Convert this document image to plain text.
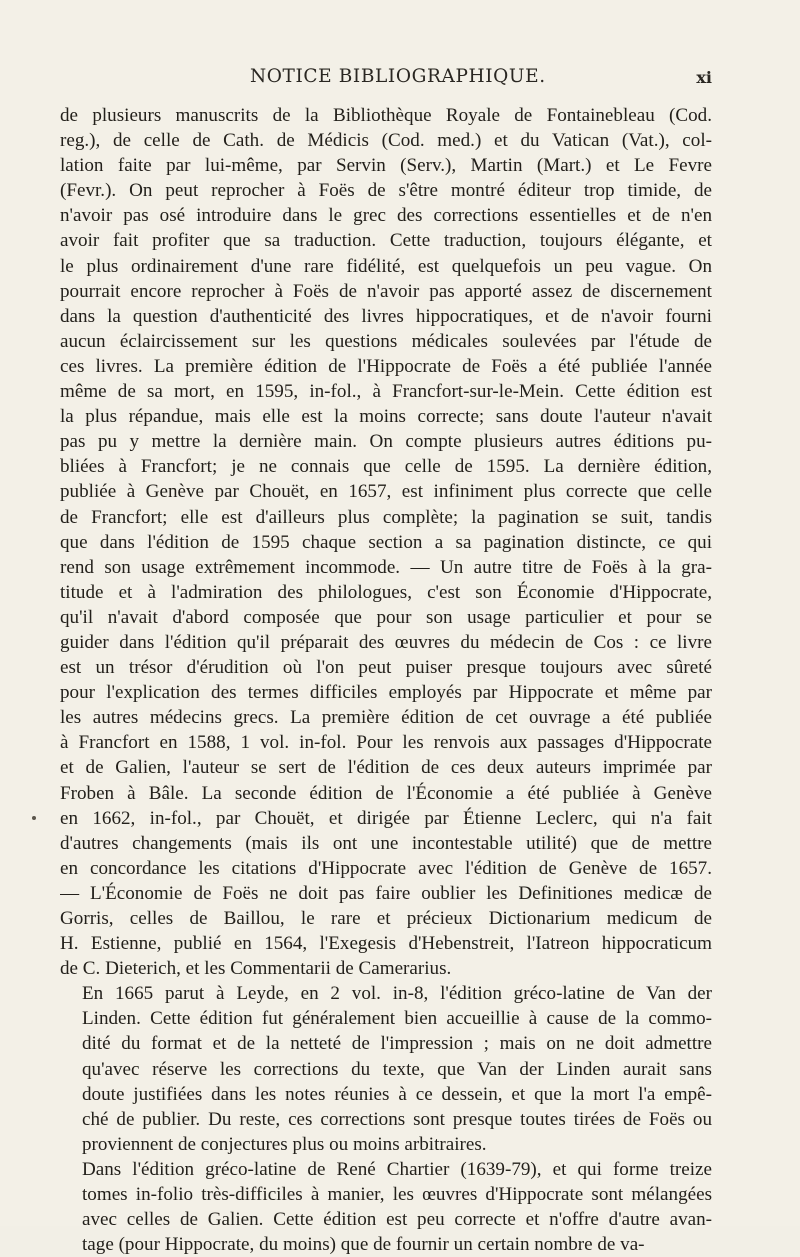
NOTICE BIBLIOGRAPHIQUE.	xi

de plusieurs manuscrits de la Bibliothèque Royale de Fontainebleau (Cod.
reg.), de celle de Cath. de Médicis (Cod. med.) et du Vatican (Vat.), col-
lation faite par lui-même, par Servin (Serv.), Martin (Mart.) et Le Fevre
(Fevr.). On peut reprocher à Foës de s'être montré éditeur trop timide, de
n'avoir pas osé introduire dans le grec des corrections essentielles et de n'en
avoir fait profiter que sa traduction. Cette traduction, toujours élégante, et
le plus ordinairement d'une rare fidélité, est quelquefois un peu vague. On
pourrait encore reprocher à Foës de n'avoir pas apporté assez de discernement
dans la question d'authenticité des livres hippocratiques, et de n'avoir fourni
aucun éclaircissement sur les questions médicales soulevées par l'étude de
ces livres. La première édition de l'Hippocrate de Foës a été publiée l'année
même de sa mort, en 1595, in-fol., à Francfort-sur-le-Mein. Cette édition est
la plus répandue, mais elle est la moins correcte; sans doute l'auteur n'avait
pas pu y mettre la dernière main. On compte plusieurs autres éditions pu-
bliées à Francfort; je ne connais que celle de 1595. La dernière édition,
publiée à Genève par Chouët, en 1657, est infiniment plus correcte que celle
de Francfort; elle est d'ailleurs plus complète; la pagination se suit, tandis
que dans l'édition de 1595 chaque section a sa pagination distincte, ce qui
rend son usage extrêmement incommode. — Un autre titre de Foës à la gra-
titude et à l'admiration des philologues, c'est son Économie d'Hippocrate,
qu'il n'avait d'abord composée que pour son usage particulier et pour se
guider dans l'édition qu'il préparait des œuvres du médecin de Cos : ce livre
est un trésor d'érudition où l'on peut puiser presque toujours avec sûreté
pour l'explication des termes difficiles employés par Hippocrate et même par
les autres médecins grecs. La première édition de cet ouvrage a été publiée
à Francfort en 1588, 1 vol. in-fol. Pour les renvois aux passages d'Hippocrate
et de Galien, l'auteur se sert de l'édition de ces deux auteurs imprimée par
Froben à Bâle. La seconde édition de l'Économie a été publiée à Genève
en 1662, in-fol., par Chouët, et dirigée par Étienne Leclerc, qui n'a fait
d'autres changements (mais ils ont une incontestable utilité) que de mettre
en concordance les citations d'Hippocrate avec l'édition de Genève de 1657.
— L'Économie de Foës ne doit pas faire oublier les Definitiones medicæ de
Gorris, celles de Baillou, le rare et précieux Dictionarium medicum de
H. Estienne, publié en 1564, l'Exegesis d'Hebenstreit, l'Iatreon hippocraticum
de C. Dieterich, et les Commentarii de Camerarius.

En 1665 parut à Leyde, en 2 vol. in-8, l'édition gréco-latine de Van der
Linden. Cette édition fut généralement bien accueillie à cause de la commo-
dité du format et de la netteté de l'impression ; mais on ne doit admettre
qu'avec réserve les corrections du texte, que Van der Linden aurait sans
doute justifiées dans les notes réunies à ce dessein, et que la mort l'a empê-
ché de publier. Du reste, ces corrections sont presque toutes tirées de Foës ou
proviennent de conjectures plus ou moins arbitraires.

Dans l'édition gréco-latine de René Chartier (1639-79), et qui forme treize
tomes in-folio très-difficiles à manier, les œuvres d'Hippocrate sont mélangées
avec celles de Galien. Cette édition est peu correcte et n'offre d'autre avan-
tage (pour Hippocrate, du moins) que de fournir un certain nombre de va-
